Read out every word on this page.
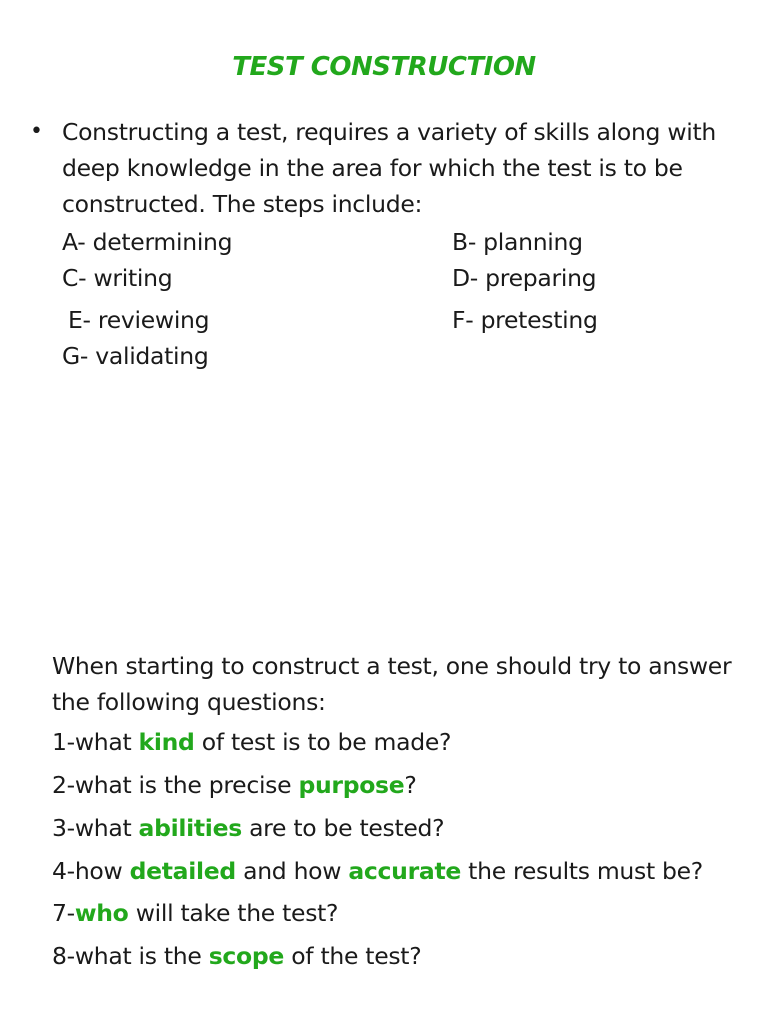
TEST CONSTRUCTION
• Constructing a test, requires a variety of skills along with deep knowledge in the area for which the test is to be constructed. The steps include:
A- determining	B- planning
C- writing	D- preparing
E- reviewing	F- pretesting
G- validating
When starting to construct a test, one should try to answer the following questions:
1-what kind of test is to be made?
2-what is the precise purpose?
3-what abilities are to be tested?
4-how detailed and how accurate the results must be?
7-who will take the test?
8-what is the scope of the test?
